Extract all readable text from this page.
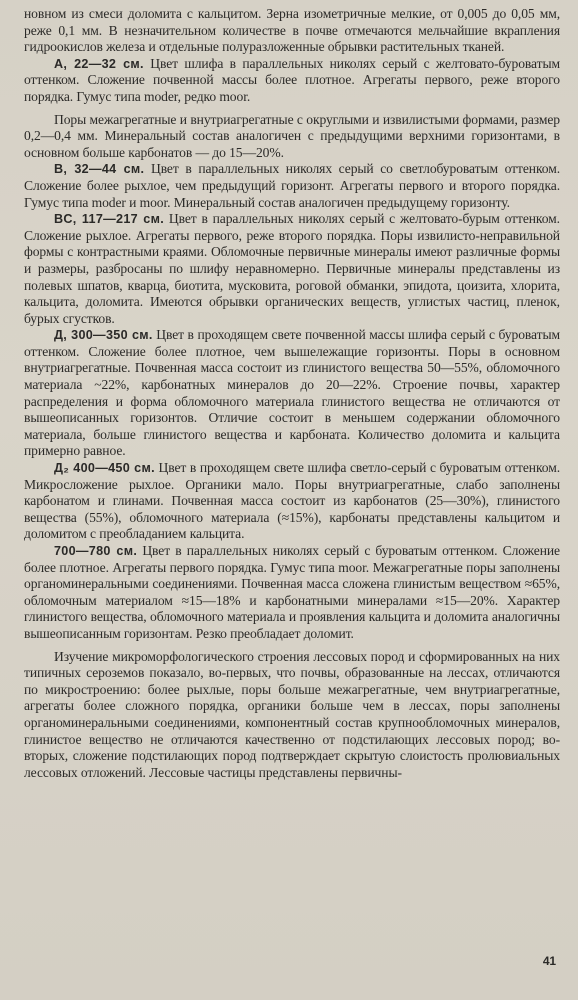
новном из смеси доломита с кальцитом. Зерна изометричные мелкие, от 0,005 до 0,05 мм, реже 0,1 мм. В незначительном количестве в почве отмечаются мельчайшие вкрапления гидроокислов железа и отдельные полуразложенные обрывки растительных тканей.

A, 22—32 см. Цвет шлифа в параллельных николях серый с желтовато-буроватым оттенком. Сложение почвенной массы более плотное. Агрегаты первого, реже второго порядка. Гумус типа moder, редко moor.

Поры межагрегатные и внутриагрегатные с округлыми и извилистыми формами, размер 0,2—0,4 мм. Минеральный состав аналогичен с предыдущими верхними горизонтами, в основном больше карбонатов — до 15—20%.

B, 32—44 см. Цвет в параллельных николях серый со светлобуроватым оттенком. Сложение более рыхлое, чем предыдущий горизонт. Агрегаты первого и второго порядка. Гумус типа moder и moor. Минеральный состав аналогичен предыдущему горизонту.

BC, 117—217 см. Цвет в параллельных николях серый с желтовато-бурым оттенком. Сложение рыхлое. Агрегаты первого, реже второго порядка. Поры извилисто-неправильной формы с контрастными краями. Обломочные первичные минералы имеют различные формы и размеры, разбросаны по шлифу неравномерно. Первичные минералы представлены из полевых шпатов, кварца, биотита, мусковита, роговой обманки, эпидота, цоизита, хлорита, кальцита, доломита. Имеются обрывки органических веществ, углистых частиц, пленок, бурых сгустков.

Д, 300—350 см. Цвет в проходящем свете почвенной массы шлифа серый с буроватым оттенком. Сложение более плотное, чем вышележащие горизонты. Поры в основном внутриагрегатные. Почвенная масса состоит из глинистого вещества 50—55%, обломочного материала ~22%, карбонатных минералов до 20—22%. Строение почвы, характер распределения и форма обломочного материала глинистого вещества не отличаются от вышеописанных горизонтов. Отличие состоит в меньшем содержании обломочного материала, больше глинистого вещества и карбоната. Количество доломита и кальцита примерно равное.

Д₂ 400—450 см. Цвет в проходящем свете шлифа светло-серый с буроватым оттенком. Микросложение рыхлое. Органики мало. Поры внутриагрегатные, слабо заполнены карбонатом и глинами. Почвенная масса состоит из карбонатов (25—30%), глинистого вещества (55%), обломочного материала (≈15%), карбонаты представлены кальцитом и доломитом с преобладанием кальцита.

700—780 см. Цвет в параллельных николях серый с буроватым оттенком. Сложение более плотное. Агрегаты первого порядка. Гумус типа moor. Межагрегатные поры заполнены органоминеральными соединениями. Почвенная масса сложена глинистым веществом ≈65%, обломочным материалом ≈15—18% и карбонатными минералами ≈15—20%. Характер глинистого вещества, обломочного материала и проявления кальцита и доломита аналогичны вышеописанным горизонтам. Резко преобладает доломит.

Изучение микроморфологического строения лессовых пород и сформированных на них типичных сероземов показало, во-первых, что почвы, образованные на лессах, отличаются по микростроению: более рыхлые, поры больше межагрегатные, чем внутриагрегатные, агрегаты более сложного порядка, органики больше чем в лессах, поры заполнены органоминеральными соединениями, компонентный состав крупнообломочных минералов, глинистое вещество не отличаются качественно от подстилающих лессовых пород; во-вторых, сложение подстилающих пород подтверждает скрытую слоистость пролювиальных лессовых отложений. Лессовые частицы представлены первичны-

41
